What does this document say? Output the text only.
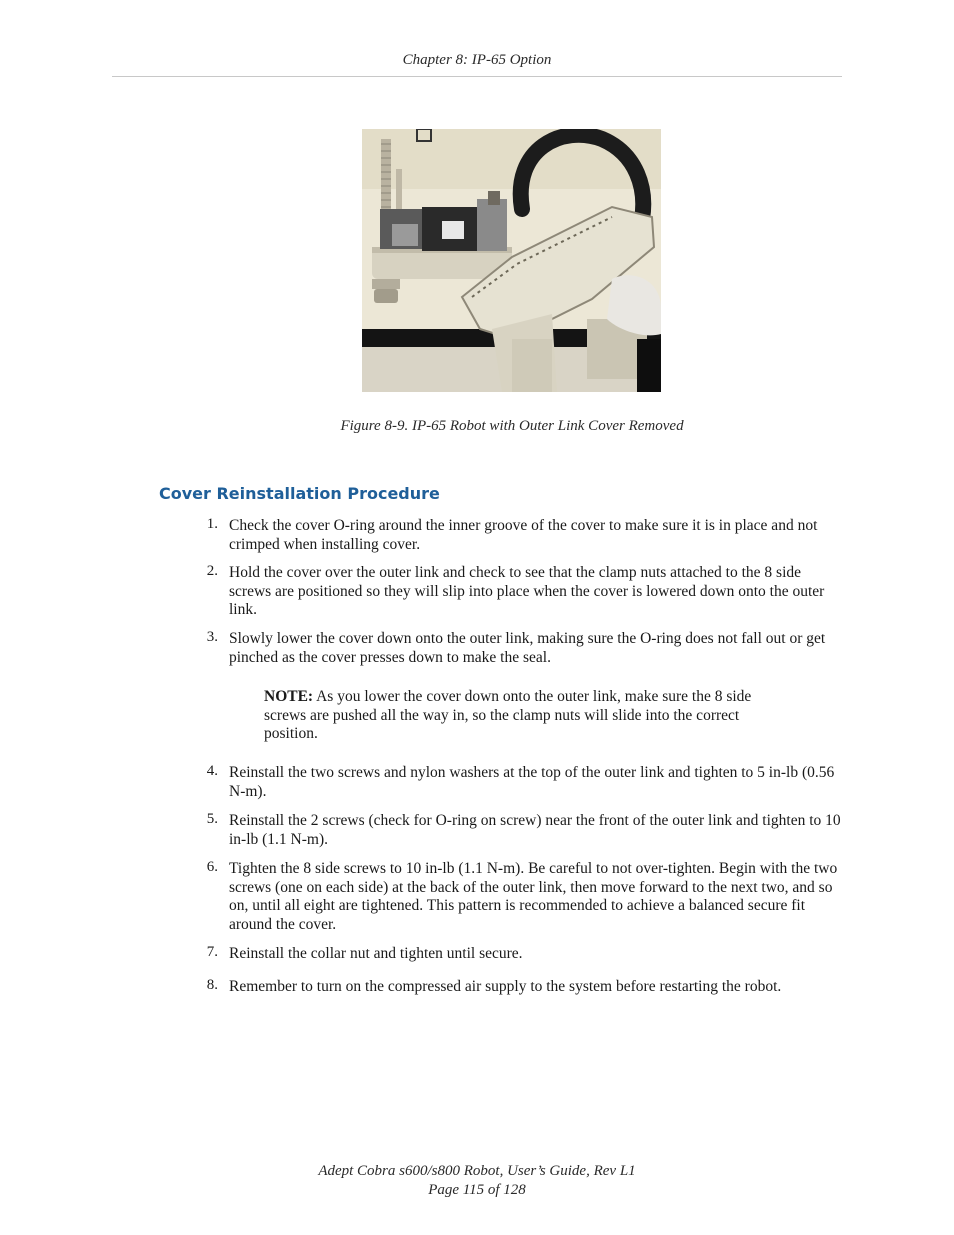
Chapter 8: IP-65 Option
Figure 8-9. IP-65 Robot with Outer Link Cover Removed
Cover Reinstallation Procedure
1. Check the cover O-ring around the inner groove of the cover to make sure it is in place and not crimped when installing cover.
2. Hold the cover over the outer link and check to see that the clamp nuts attached to the 8 side screws are positioned so they will slip into place when the cover is lowered down onto the outer link.
3. Slowly lower the cover down onto the outer link, making sure the O-ring does not fall out or get pinched as the cover presses down to make the seal.
NOTE: As you lower the cover down onto the outer link, make sure the 8 side screws are pushed all the way in, so the clamp nuts will slide into the correct position.
4. Reinstall the two screws and nylon washers at the top of the outer link and tighten to 5 in-lb (0.56 N-m).
5. Reinstall the 2 screws (check for O-ring on screw) near the front of the outer link and tighten to 10 in-lb (1.1 N-m).
6. Tighten the 8 side screws to 10 in-lb (1.1 N-m). Be careful to not over-tighten. Begin with the two screws (one on each side) at the back of the outer link, then move forward to the next two, and so on, until all eight are tightened. This pattern is recommended to achieve a balanced secure fit around the cover.
7. Reinstall the collar nut and tighten until secure.
8. Remember to turn on the compressed air supply to the system before restarting the robot.
Adept Cobra s600/s800 Robot, User’s Guide, Rev L1
Page 115 of 128
